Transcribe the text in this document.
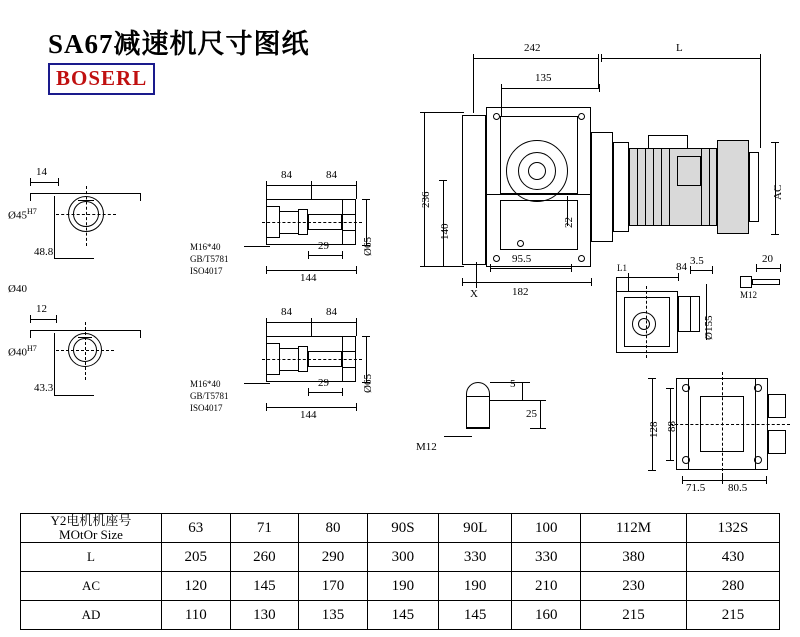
SA67减速机尺寸图纸
BOSERL
242
135
L
AC
236
140
22
X
95.5
182
14
$Ø45^{H7}$
48.8
Ø40
12
$Ø40^{H7}$
43.3
84	84
M16*40
GB/T5781
ISO4017
29
144
Ø65
84	84
M16*40
GB/T5781
ISO4017
29
144
Ø65
L1	84 3.5
Ø155
20
M12
M12
5
25
128 88
71.5 80.5
Y2电机机座号
MOtOr Size	63	71	80	90S	90L	100	112M	132S
L	205	260	290	300	330	330	380	430
AC	120	145	170	190	190	210	230	280
AD	110	130	135	145	145	160	215	215
